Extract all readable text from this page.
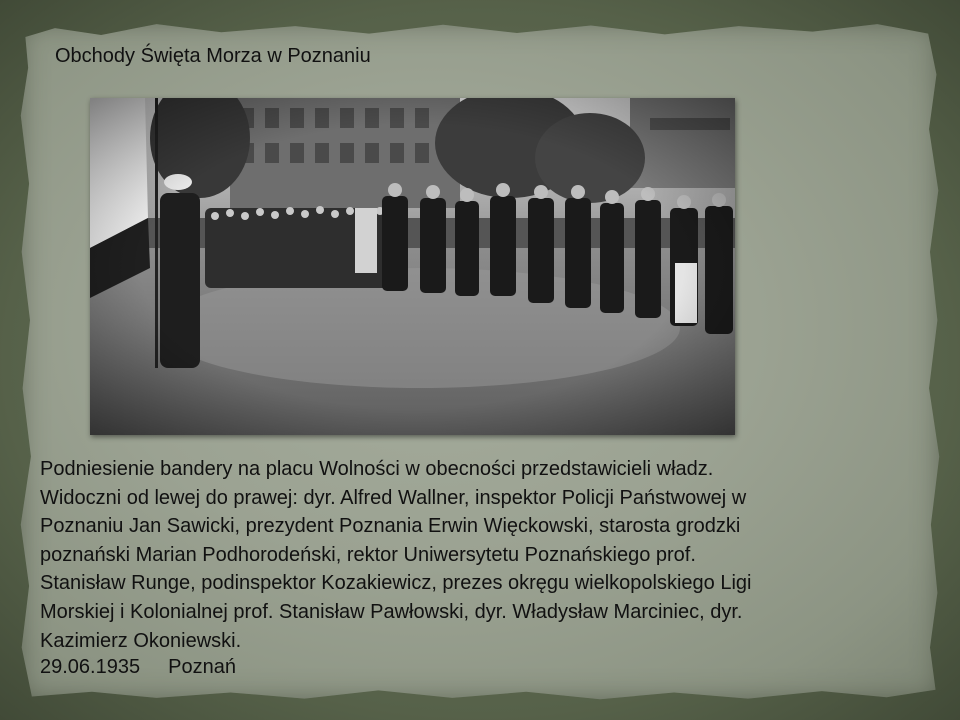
Obchody Święta Morza w Poznaniu
Podniesienie bandery na placu Wolności w obecności przedstawicieli władz.
Widoczni od lewej do prawej: dyr. Alfred Wallner, inspektor Policji Państwowej w
Poznaniu Jan Sawicki, prezydent Poznania Erwin Więckowski, starosta grodzki
poznański Marian Podhorodeński, rektor Uniwersytetu Poznańskiego prof.
Stanisław Runge, podinspektor Kozakiewicz, prezes okręgu wielkopolskiego Ligi
Morskiej i Kolonialnej prof. Stanisław Pawłowski, dyr. Władysław Marciniec, dyr.
Kazimierz Okoniewski.
29.06.1935 Poznań
